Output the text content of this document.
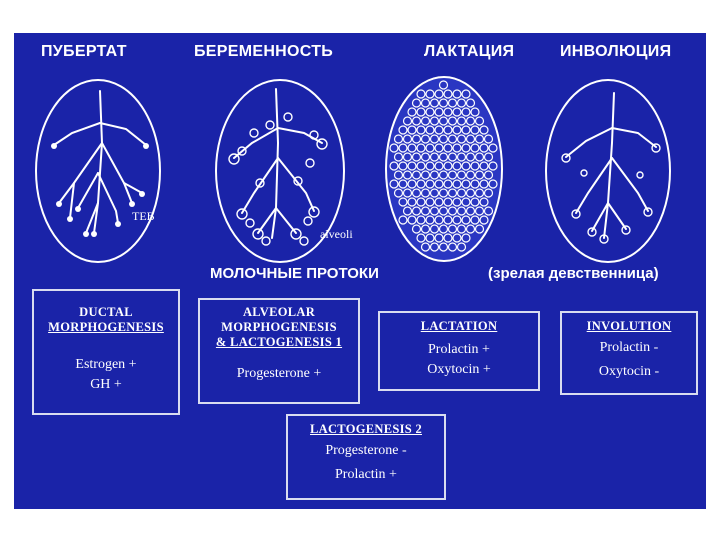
ПУБЕРТАТ	БЕРЕМЕННОСТЬ	ЛАКТАЦИЯ	ИНВОЛЮЦИЯ
TEB
alveoli
МОЛОЧНЫЕ ПРОТОКИ	(зрелая девственница)
DUCTAL
MORPHOGENESIS
Estrogen +
GH +
ALVEOLAR
MORPHOGENESIS
& LACTOGENESIS 1
Progesterone +
LACTATION
Prolactin +
Oxytocin +
INVOLUTION
Prolactin -
Oxytocin -
LACTOGENESIS 2
Progesterone -
Prolactin +
